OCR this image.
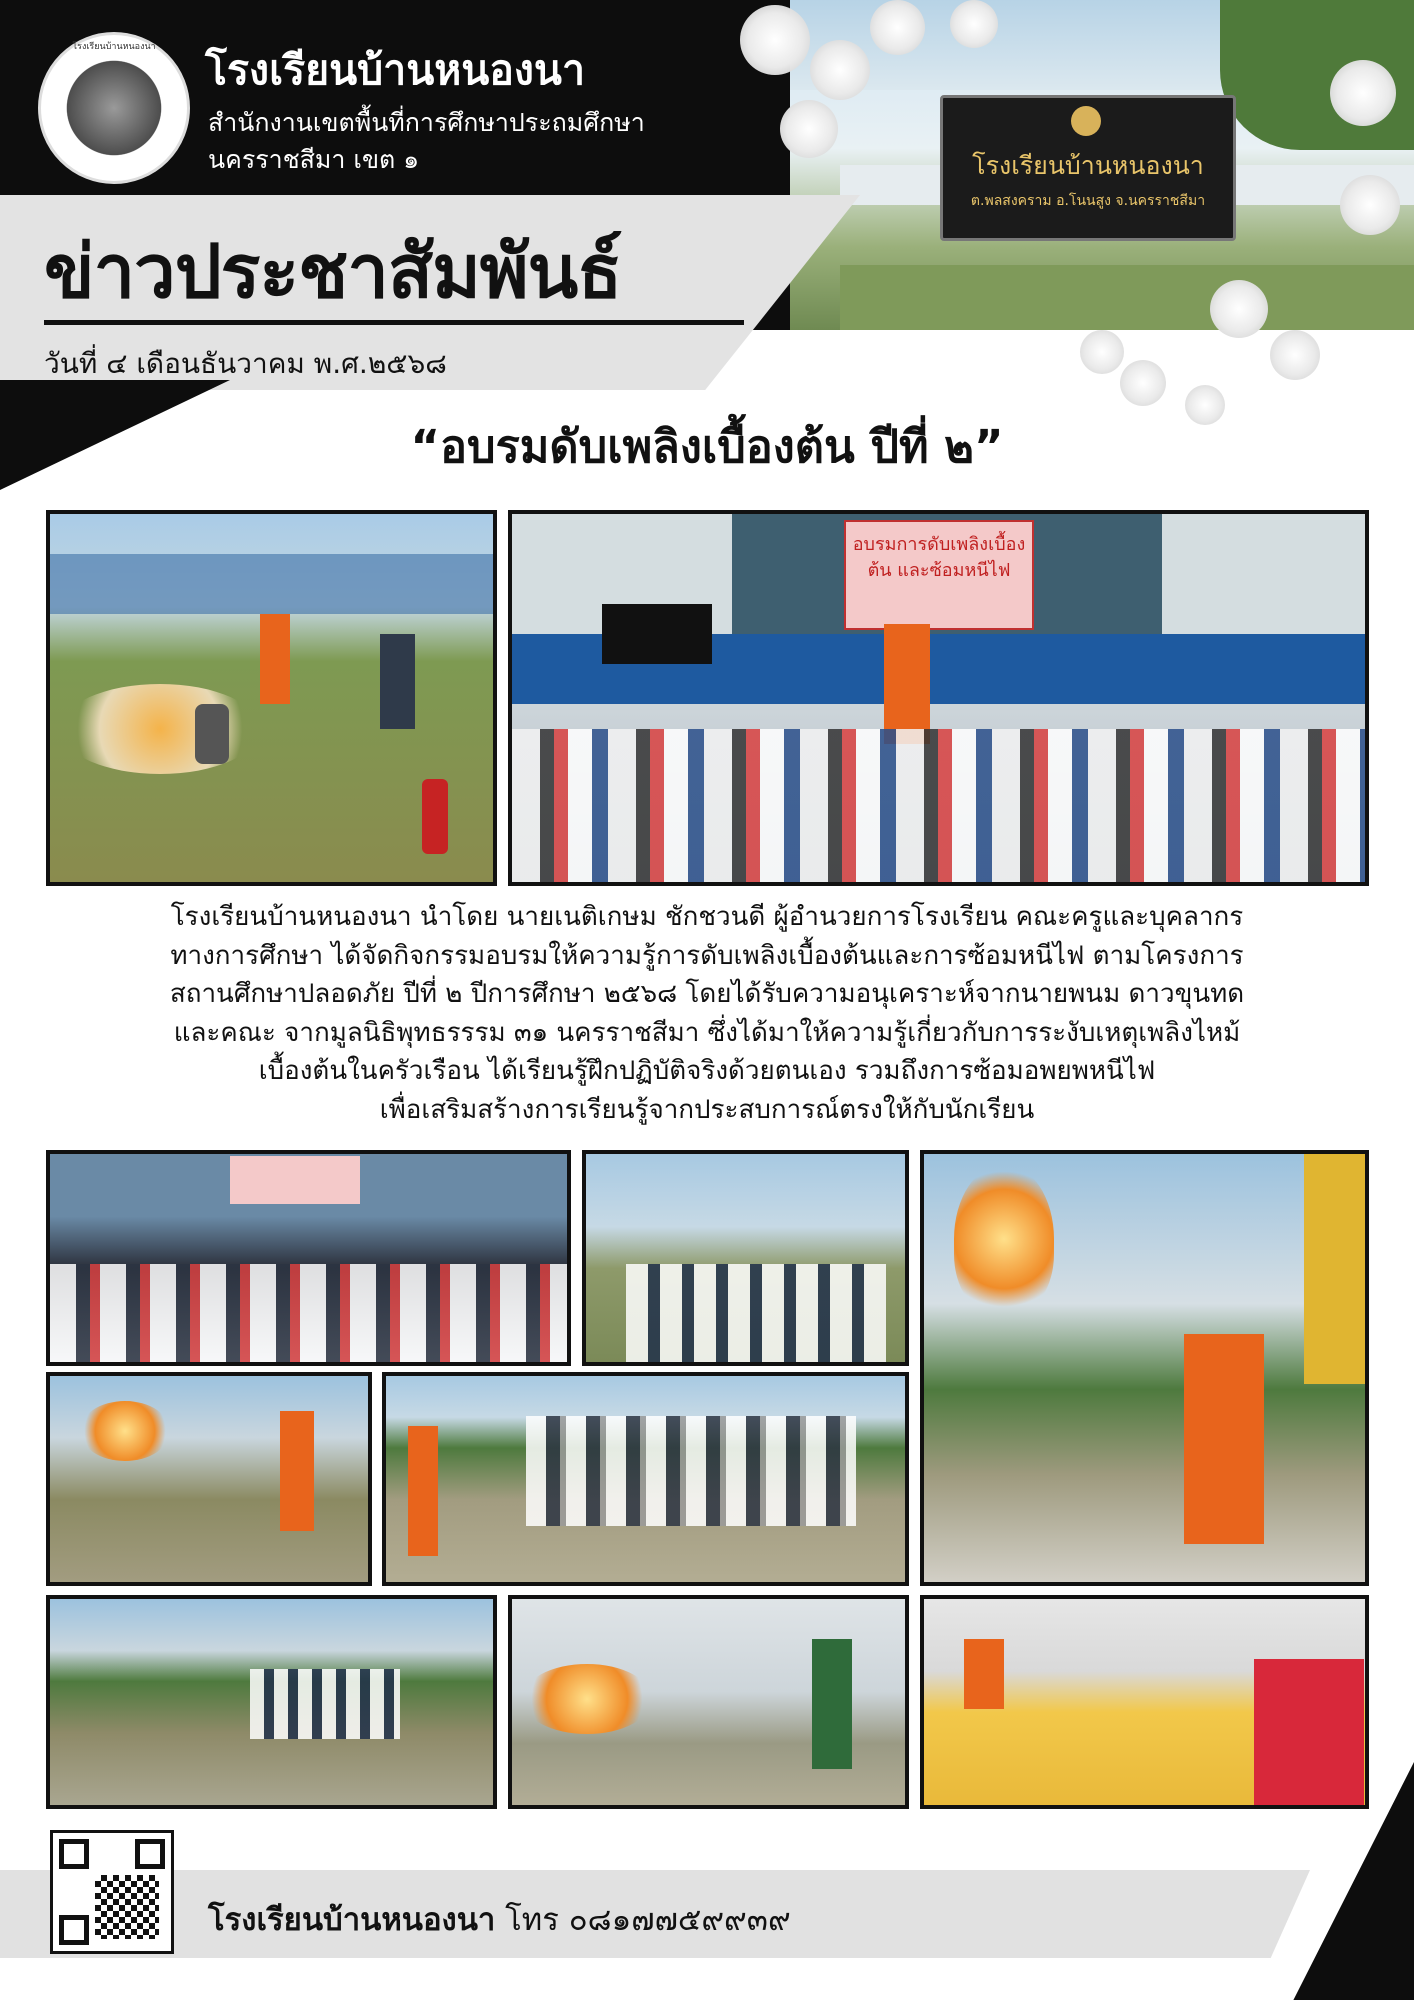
โรงเรียนบ้านหนองนา
ต.พลสงคราม อ.โนนสูง จ.นครราชสีมา
โรงเรียนบ้านหนองนา	โรงเรียนบ้านหนองนา
สำนักงานเขตพื้นที่การศึกษาประถมศึกษา
นครราชสีมา เขต ๑
ข่าวประชาสัมพันธ์
วันที่ ๔ เดือนธันวาคม พ.ศ.๒๕๖๘
“อบรมดับเพลิงเบื้องต้น ปีที่ ๒”
อบรมการดับเพลิงเบื้องต้น และซ้อมหนีไฟ
โรงเรียนบ้านหนองนา นำโดย นายเนติเกษม ชักชวนดี ผู้อำนวยการโรงเรียน คณะครูและบุคลากร
ทางการศึกษา ได้จัดกิจกรรมอบรมให้ความรู้การดับเพลิงเบื้องต้นและการซ้อมหนีไฟ ตามโครงการ
สถานศึกษาปลอดภัย ปีที่ ๒ ปีการศึกษา ๒๕๖๘ โดยได้รับความอนุเคราะห์จากนายพนม ดาวขุนทด
และคณะ จากมูลนิธิพุทธรรรม ๓๑ นครราชสีมา ซึ่งได้มาให้ความรู้เกี่ยวกับการระงับเหตุเพลิงไหม้
เบื้องต้นในครัวเรือน ได้เรียนรู้ฝึกปฏิบัติจริงด้วยตนเอง รวมถึงการซ้อมอพยพหนีไฟ
เพื่อเสริมสร้างการเรียนรู้จากประสบการณ์ตรงให้กับนักเรียน
โรงเรียนบ้านหนองนา โทร ๐๘๑๗๗๕๙๙๓๙
